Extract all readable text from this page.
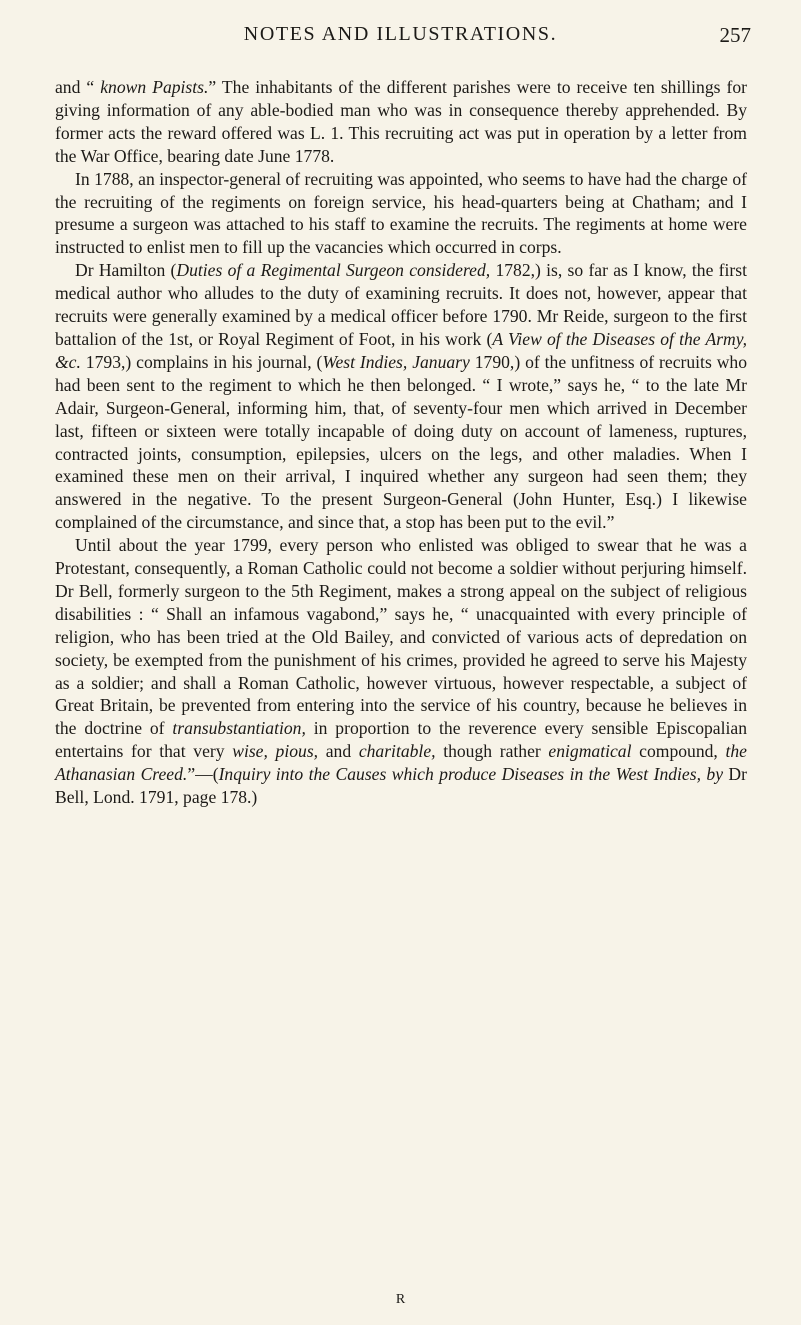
NOTES AND ILLUSTRATIONS.	257

and “ known Papists.” The inhabitants of the different parishes were to receive ten shillings for giving information of any able-bodied man who was in consequence thereby apprehended. By former acts the reward offered was L. 1. This recruiting act was put in operation by a letter from the War Office, bearing date June 1778.

In 1788, an inspector-general of recruiting was appointed, who seems to have had the charge of the recruiting of the regiments on foreign service, his head-quarters being at Chatham; and I presume a surgeon was attached to his staff to examine the recruits. The regiments at home were instructed to enlist men to fill up the vacancies which occurred in corps.

Dr Hamilton (Duties of a Regimental Surgeon considered, 1782,) is, so far as I know, the first medical author who alludes to the duty of examining recruits. It does not, however, appear that recruits were generally examined by a medical officer before 1790. Mr Reide, surgeon to the first battalion of the 1st, or Royal Regiment of Foot, in his work (A View of the Diseases of the Army, &c. 1793,) complains in his journal, (West Indies, January 1790,) of the unfitness of recruits who had been sent to the regiment to which he then belonged. “ I wrote,” says he, “ to the late Mr Adair, Surgeon-General, informing him, that, of seventy-four men which arrived in December last, fifteen or sixteen were totally incapable of doing duty on account of lameness, ruptures, contracted joints, consumption, epilepsies, ulcers on the legs, and other maladies. When I examined these men on their arrival, I inquired whether any surgeon had seen them; they answered in the negative. To the present Surgeon-General (John Hunter, Esq.) I likewise complained of the circumstance, and since that, a stop has been put to the evil.”

Until about the year 1799, every person who enlisted was obliged to swear that he was a Protestant, consequently, a Roman Catholic could not become a soldier without perjuring himself. Dr Bell, formerly surgeon to the 5th Regiment, makes a strong appeal on the subject of religious disabilities : “ Shall an infamous vagabond,” says he, “ unacquainted with every principle of religion, who has been tried at the Old Bailey, and convicted of various acts of depredation on society, be exempted from the punishment of his crimes, provided he agreed to serve his Majesty as a soldier; and shall a Roman Catholic, however virtuous, however respectable, a subject of Great Britain, be prevented from entering into the service of his country, because he believes in the doctrine of transubstantiation, in proportion to the reverence every sensible Episcopalian entertains for that very wise, pious, and charitable, though rather enigmatical compound, the Athanasian Creed.”—(Inquiry into the Causes which produce Diseases in the West Indies, by Dr Bell, Lond. 1791, page 178.)

R
